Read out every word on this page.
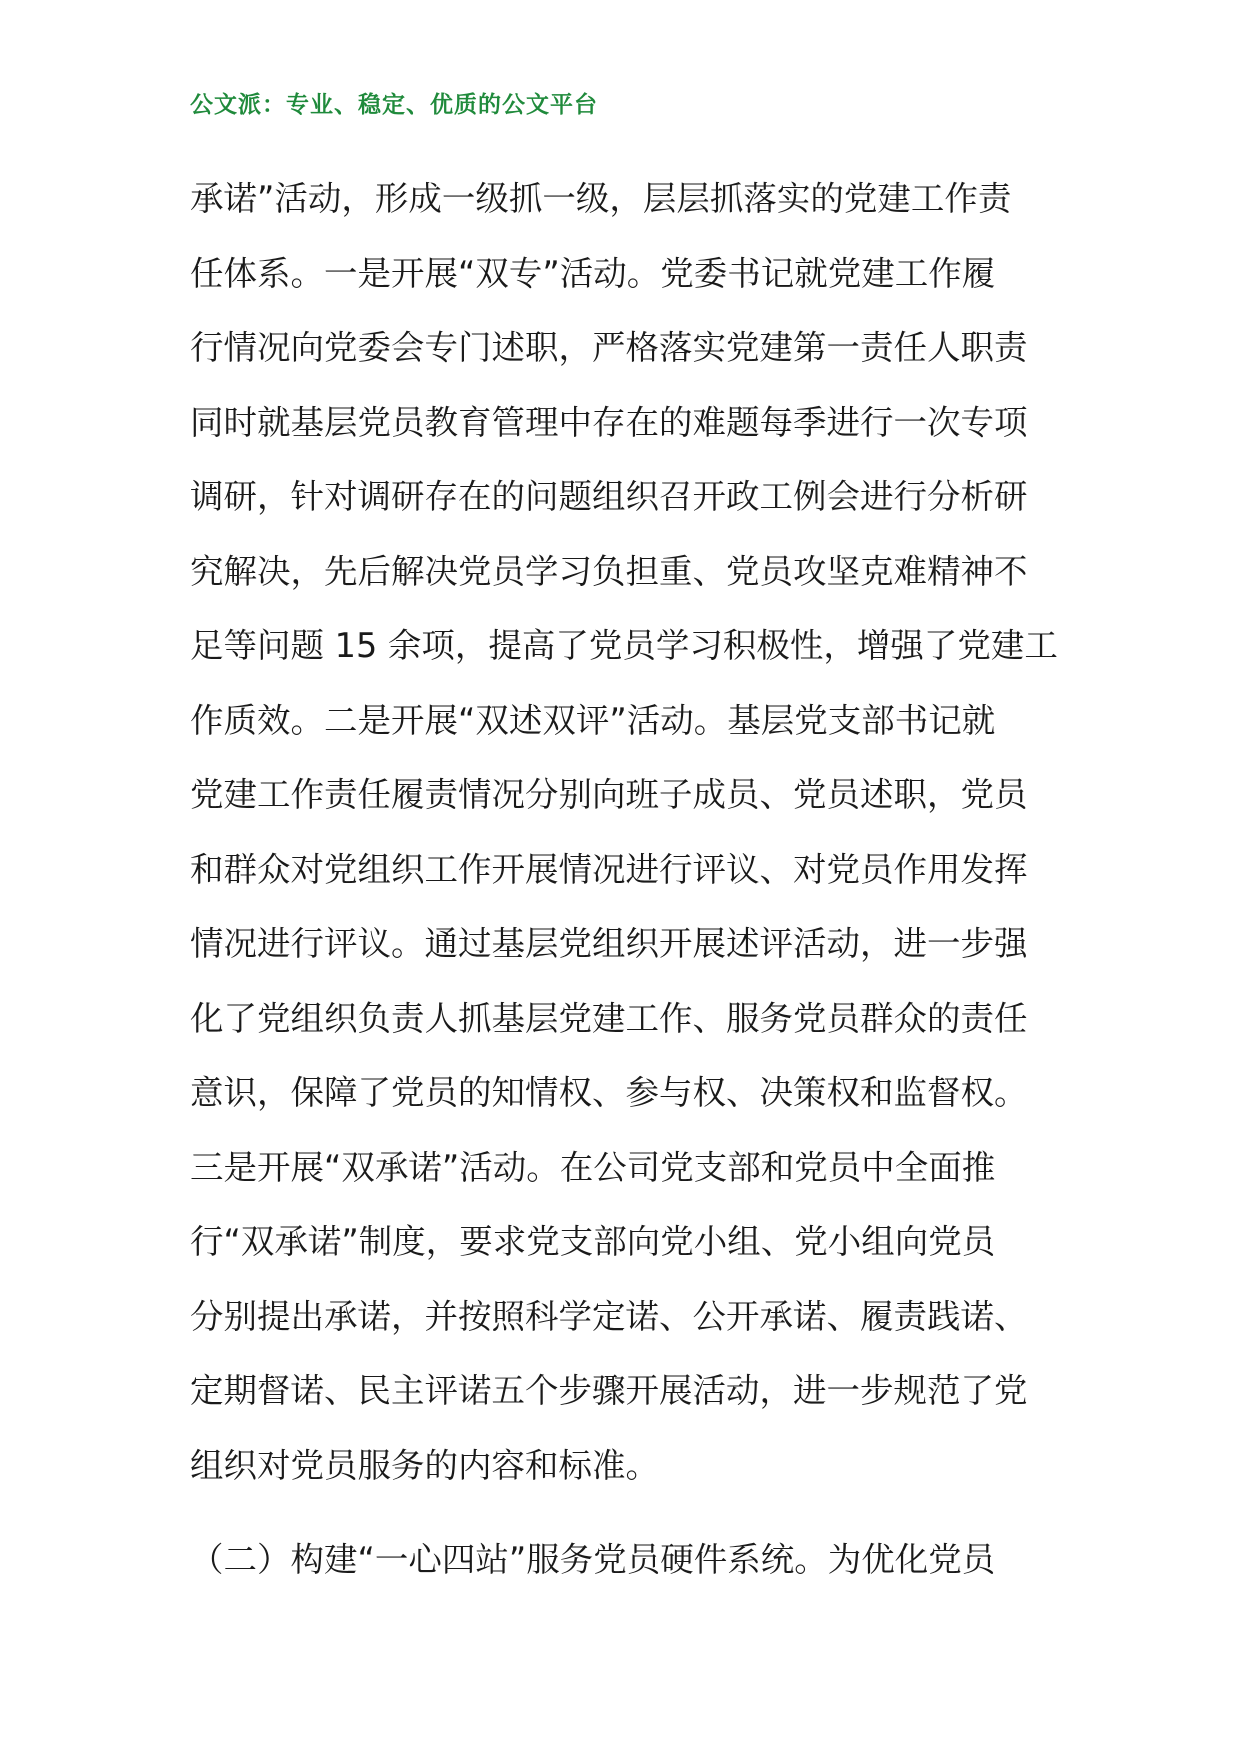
公文派：专业、稳定、优质的公文平台
承诺”活动，形成一级抓一级，层层抓落实的党建工作责
任体系。一是开展“双专”活动。党委书记就党建工作履
行情况向党委会专门述职，严格落实党建第一责任人职责
同时就基层党员教育管理中存在的难题每季进行一次专项
调研，针对调研存在的问题组织召开政工例会进行分析研
究解决，先后解决党员学习负担重、党员攻坚克难精神不
足等问题 15 余项，提高了党员学习积极性，增强了党建工
作质效。二是开展“双述双评”活动。基层党支部书记就
党建工作责任履责情况分别向班子成员、党员述职，党员
和群众对党组织工作开展情况进行评议、对党员作用发挥
情况进行评议。通过基层党组织开展述评活动，进一步强
化了党组织负责人抓基层党建工作、服务党员群众的责任
意识，保障了党员的知情权、参与权、决策权和监督权。
三是开展“双承诺”活动。在公司党支部和党员中全面推
行“双承诺”制度，要求党支部向党小组、党小组向党员
分别提出承诺，并按照科学定诺、公开承诺、履责践诺、
定期督诺、民主评诺五个步骤开展活动，进一步规范了党
组织对党员服务的内容和标准。
（二）构建“一心四站”服务党员硬件系统。为优化党员
